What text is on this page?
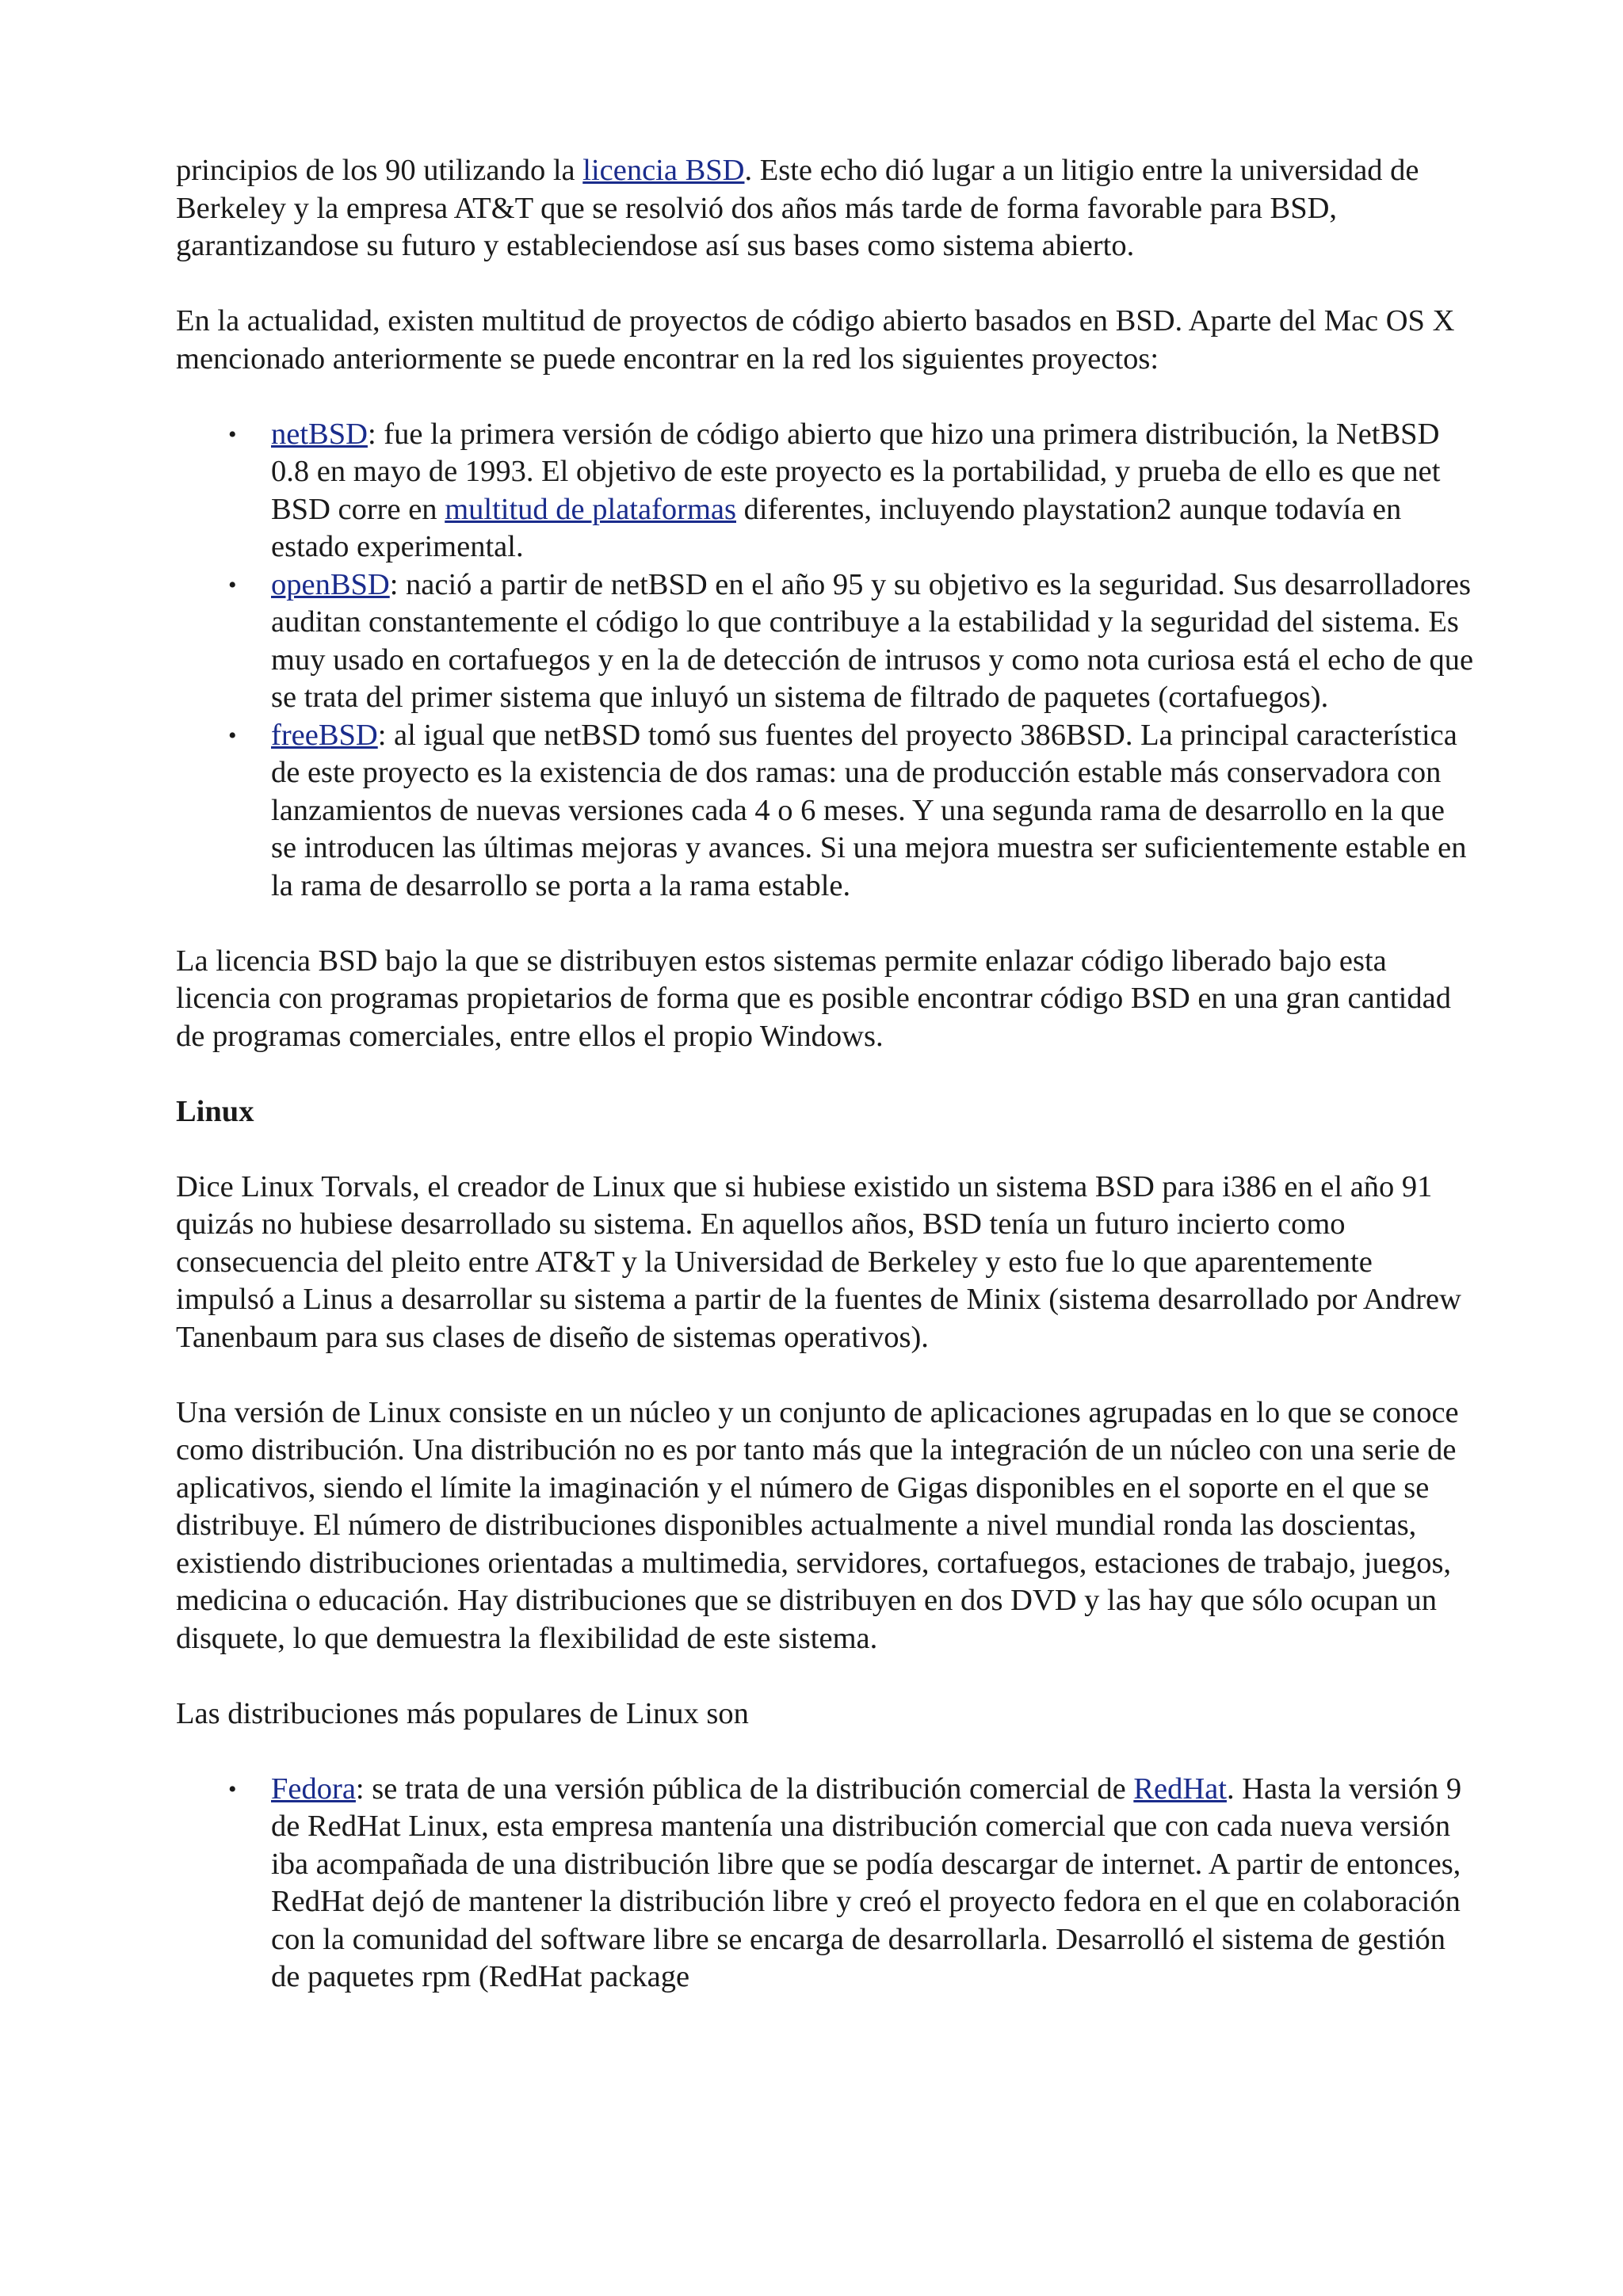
principios de los 90 utilizando la licencia BSD. Este echo dió lugar a un litigio entre la universidad de Berkeley y la empresa AT&T que se resolvió dos años más tarde de forma favorable para BSD, garantizandose su futuro y estableciendose así sus bases como sistema abierto.

En la actualidad, existen multitud de proyectos de código abierto basados en BSD. Aparte del Mac OS X mencionado anteriormente se puede encontrar en la red los siguientes proyectos:

• netBSD: fue la primera versión de código abierto que hizo una primera distribución, la NetBSD 0.8 en mayo de 1993. El objetivo de este proyecto es la portabilidad, y prueba de ello es que net BSD corre en multitud de plataformas diferentes, incluyendo playstation2 aunque todavía en estado experimental.
• openBSD: nació a partir de netBSD en el año 95 y su objetivo es la seguridad. Sus desarrolladores auditan constantemente el código lo que contribuye a la estabilidad y la seguridad del sistema. Es muy usado en cortafuegos y en la de detección de intrusos y como nota curiosa está el echo de que se trata del primer sistema que inluyó un sistema de filtrado de paquetes (cortafuegos).
• freeBSD: al igual que netBSD tomó sus fuentes del proyecto 386BSD. La principal característica de este proyecto es la existencia de dos ramas: una de producción estable más conservadora con lanzamientos de nuevas versiones cada 4 o 6 meses. Y una segunda rama de desarrollo en la que se introducen las últimas mejoras y avances. Si una mejora muestra ser suficientemente estable en la rama de desarrollo se porta a la rama estable.

La licencia BSD bajo la que se distribuyen estos sistemas permite enlazar código liberado bajo esta licencia con programas propietarios de forma que es posible encontrar código BSD en una gran cantidad de programas comerciales, entre ellos el propio Windows.

Linux

Dice Linux Torvals, el creador de Linux que si hubiese existido un sistema BSD para i386 en el año 91 quizás no hubiese desarrollado su sistema. En aquellos años, BSD tenía un futuro incierto como consecuencia del pleito entre AT&T y la Universidad de Berkeley y esto fue lo que aparentemente impulsó a Linus a desarrollar su sistema a partir de la fuentes de Minix (sistema desarrollado por Andrew Tanenbaum para sus clases de diseño de sistemas operativos).

Una versión de Linux consiste en un núcleo y un conjunto de aplicaciones agrupadas en lo que se conoce como distribución. Una distribución no es por tanto más que la integración de un núcleo con una serie de aplicativos, siendo el límite la imaginación y el número de Gigas disponibles en el soporte en el que se distribuye. El número de distribuciones disponibles actualmente a nivel mundial ronda las doscientas, existiendo distribuciones orientadas a multimedia, servidores, cortafuegos, estaciones de trabajo, juegos, medicina o educación. Hay distribuciones que se distribuyen en dos DVD y las hay que sólo ocupan un disquete, lo que demuestra la flexibilidad de este sistema.

Las distribuciones más populares de Linux son

• Fedora: se trata de una versión pública de la distribución comercial de RedHat. Hasta la versión 9 de RedHat Linux, esta empresa mantenía una distribución comercial que con cada nueva versión iba acompañada de una distribución libre que se podía descargar de internet. A partir de entonces, RedHat dejó de mantener la distribución libre y creó el proyecto fedora en el que en colaboración con la comunidad del software libre se encarga de desarrollarla. Desarrolló el sistema de gestión de paquetes rpm (RedHat package
